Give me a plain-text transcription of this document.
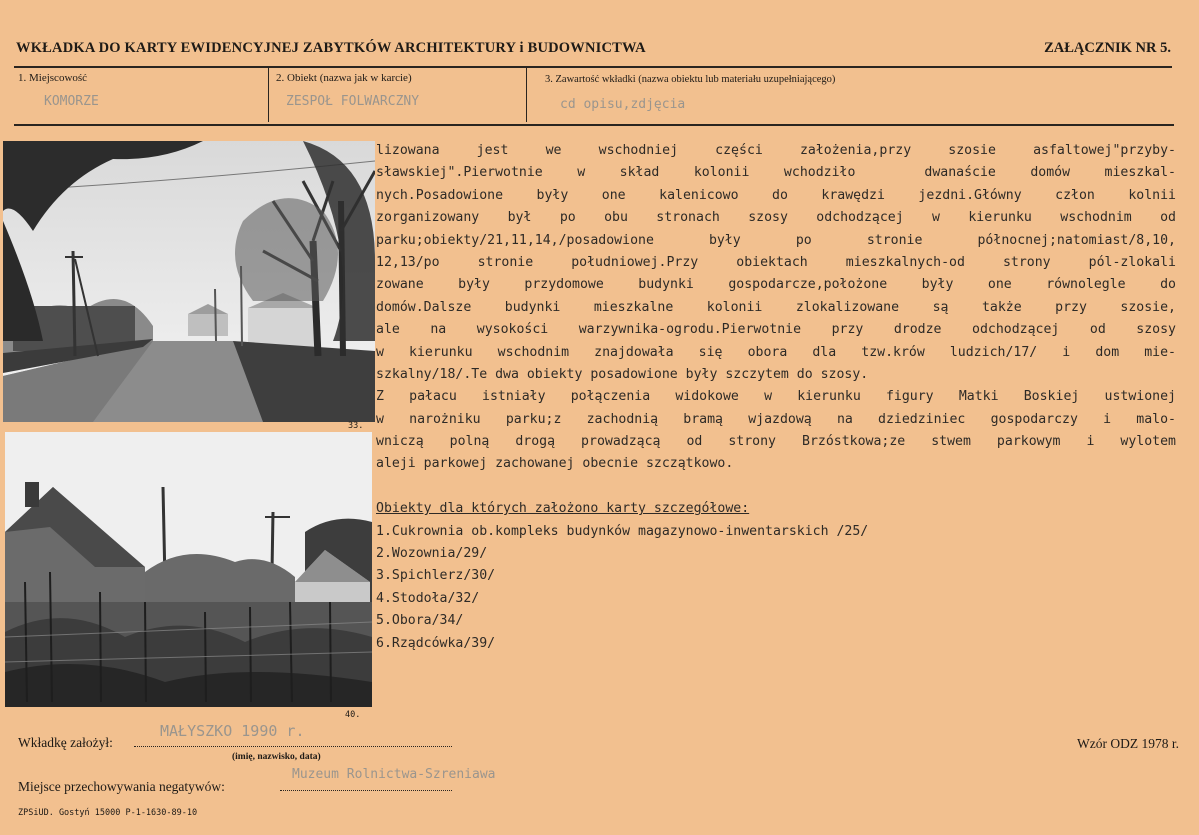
WKŁADKA DO KARTY EWIDENCYJNEJ ZABYTKÓW ARCHITEKTURY i BUDOWNICTWA	ZAŁĄCZNIK NR 5.
1. Miejscowość
KOMORZE
2. Obiekt (nazwa jak w karcie)
ZESPOŁ FOLWARCZNY
3. Zawartość wkładki (nazwa obiektu lub materiału uzupełniającego)
cd opisu,zdjęcia
33.
40.
lizowana jest we wschodniej części założenia,przy szosie asfaltowej"przyby-
sławskiej".Pierwotnie w skład kolonii wchodziło  dwanaście domów mieszkal-
nych.Posadowione były one kalenicowo do krawędzi jezdni.Główny człon kolnii
zorganizowany był po obu stronach szosy odchodzącej w kierunku wschodnim od
parku;obiekty/21,11,14,/posadowione były po stronie północnej;natomiast/8,10,
12,13/po stronie południowej.Przy obiektach mieszkalnych-od strony pól-zlokali
zowane były przydomowe budynki gospodarcze,położone były one równolegle do
domów.Dalsze budynki mieszkalne kolonii zlokalizowane są także przy szosie,
ale na wysokości warzywnika-ogrodu.Pierwotnie przy drodze odchodzącej od szosy
w kierunku wschodnim znajdowała się obora dla tzw.krów ludzich/17/ i dom mie-
szkalny/18/.Te dwa obiekty posadowione były szczytem do szosy.
Z pałacu istniały połączenia widokowe w kierunku figury Matki Boskiej ustwionej
w narożniku parku;z zachodnią bramą wjazdową na dziedziniec gospodarczy i malo-
wniczą polną drogą prowadzącą od strony Brzóstkowa;ze stwem parkowym i wylotem
aleji parkowej zachowanej obecnie szczątkowo.
Obiekty dla których założono karty szczegółowe:
1.Cukrownia ob.kompleks budynków magazynowo-inwentarskich /25/
2.Wozownia/29/
3.Spichlerz/30/
4.Stodoła/32/
5.Obora/34/
6.Rządcówka/39/
Wkładkę założył:
MAŁYSZKO 1990 r.
(imię, nazwisko, data)
Wzór ODZ 1978 r.
Miejsce przechowywania negatywów:
Muzeum Rolnictwa-Szreniawa
ZPSiUD. Gostyń 15000 P-1-1630-89-10
